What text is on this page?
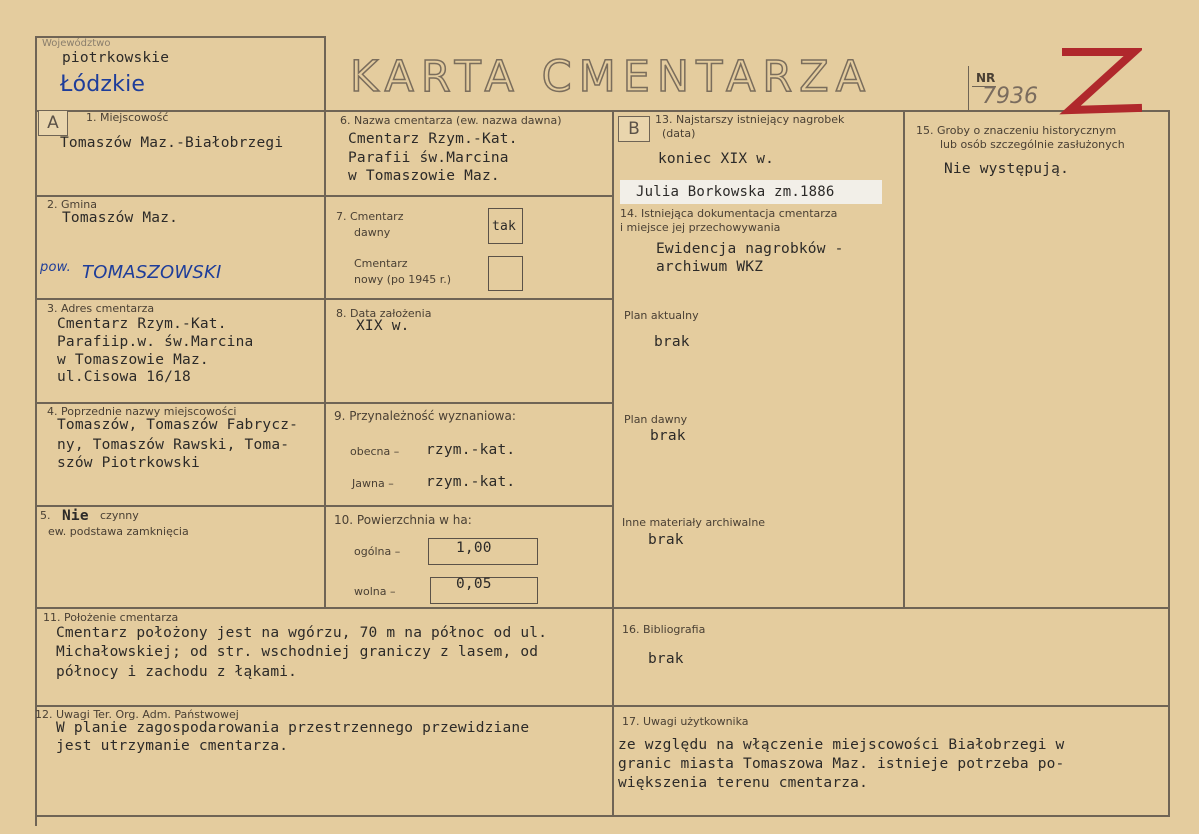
Województwo
piotrkowskie
Łódzkie	KARTA CMENTARZA	NR
7936
A	B
1. Miejscowość
Tomaszów Maz.-Białobrzegi
2. Gmina
Tomaszów Maz.
pow. TOMASZOWSKI
3. Adres cmentarza
Cmentarz Rzym.-Kat.
Parafiip.w. św.Marcina
w Tomaszowie Maz.
ul.Cisowa 16/18
4. Poprzednie nazwy miejscowości
Tomaszów, Tomaszów Fabrycz-
ny, Tomaszów Rawski, Toma-
szów Piotrkowski
5. Nie czynny
ew. podstawa zamknięcia
6. Nazwa cmentarza (ew. nazwa dawna)
Cmentarz Rzym.-Kat.
Parafii św.Marcina
w Tomaszowie Maz.
7. Cmentarz
dawny	tak
Cmentarz
nowy (po 1945 r.)
8. Data założenia
XIX w.
9. Przynależność wyznaniowa:
obecna – rzym.-kat.
Jawna – rzym.-kat.
10. Powierzchnia w ha:
ogólna –	1,00
wolna –	0,05
11. Położenie cmentarza
Cmentarz położony jest na wgórzu, 70 m na północ od ul.
Michałowskiej; od str. wschodniej graniczy z lasem, od
północy i zachodu z łąkami.
12. Uwagi Ter. Org. Adm. Państwowej
W planie zagospodarowania przestrzennego przewidziane
jest utrzymanie cmentarza.
13. Najstarszy istniejący nagrobek
(data)
koniec XIX w.
Julia Borkowska zm.1886
14. Istniejąca dokumentacja cmentarza
i miejsce jej przechowywania
Ewidencja nagrobków -
archiwum WKZ
Plan aktualny
brak
Plan dawny
brak
Inne materiały archiwalne
brak
15. Groby o znaczeniu historycznym
lub osób szczególnie zasłużonych
Nie występują.
16. Bibliografia
brak
17. Uwagi użytkownika
ze względu na włączenie miejscowości Białobrzegi w
granic miasta Tomaszowa Maz. istnieje potrzeba po-
większenia terenu cmentarza.
